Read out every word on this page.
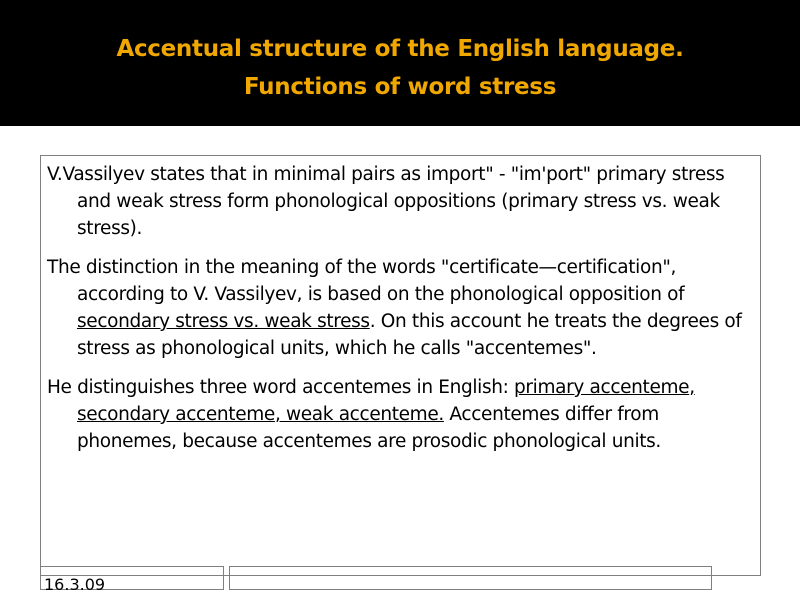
Accentual structure of the English language.
Functions of word stress

V.Vassilyev states that in minimal pairs as import" - "im'port" primary stress and weak stress form phonological oppositions (primary stress vs. weak stress).

The distinction in the meaning of the words "certificate—certification", according to V. Vassilyev, is based on the phonological opposition of secondary stress vs. weak stress. On this account he treats the degrees of stress as phonological units, which he calls "accentemes".

He distinguishes three word accentemes in English: primary accenteme, secondary accenteme, weak accenteme. Accentemes differ from phonemes, because accentemes are prosodic phonological units.

16.3.09
